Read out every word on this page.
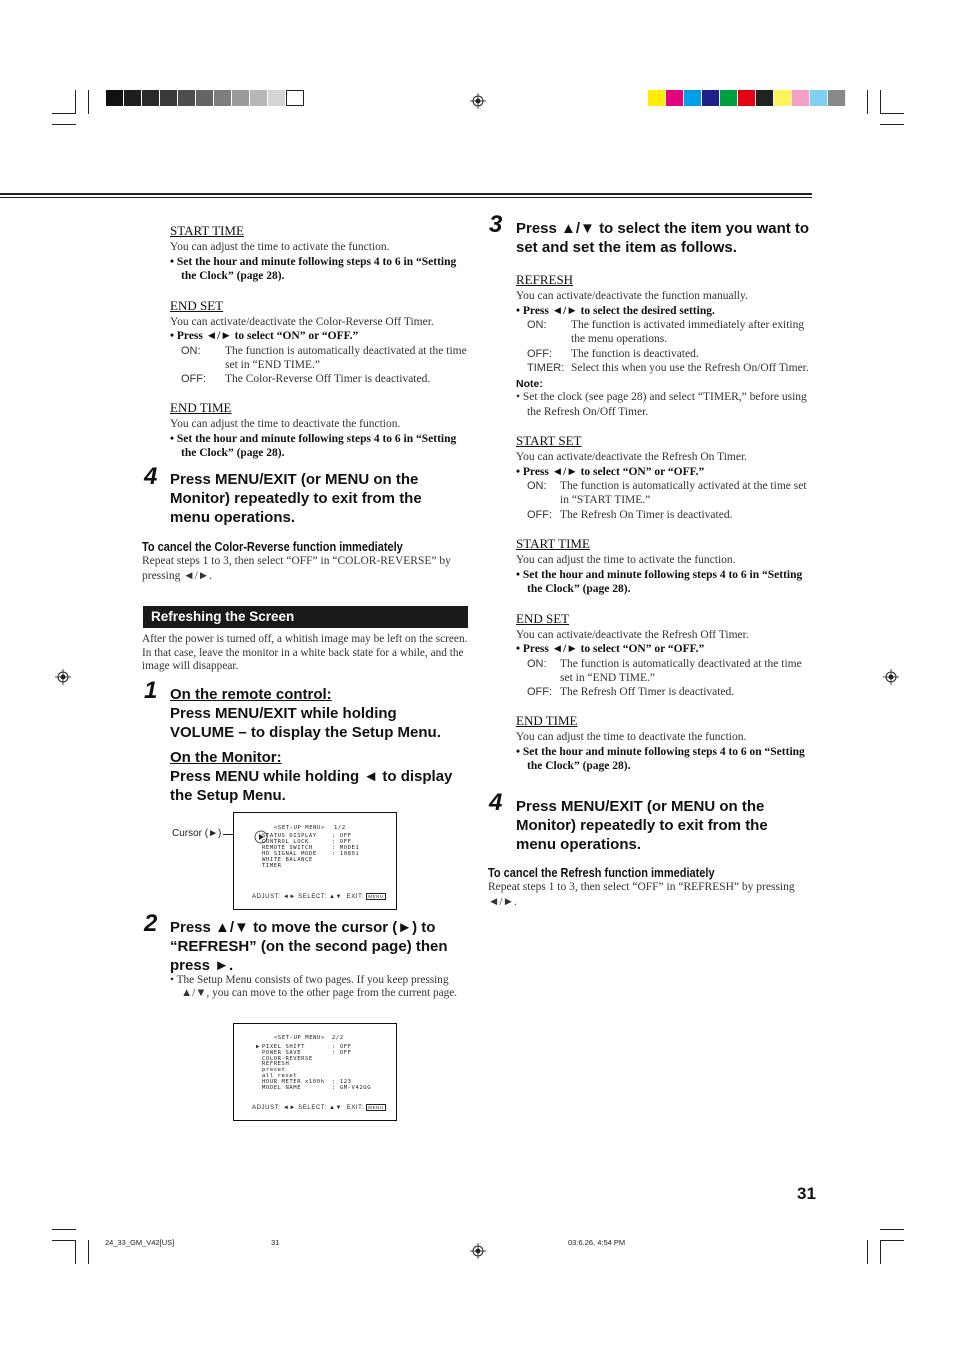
START TIME
You can adjust the time to activate the function.
• Set the hour and minute following steps 4 to 6 in “Setting the Clock” (page 28).
END SET
You can activate/deactivate the Color-Reverse Off Timer.
• Press ◄/► to select “ON” or “OFF.”
ON:	The function is automatically deactivated at the time set in “END TIME.”
OFF:	The Color-Reverse Off Timer is deactivated.
END TIME
You can adjust the time to deactivate the function.
• Set the hour and minute following steps 4 to 6 in “Setting the Clock” (page 28).
4 Press MENU/EXIT (or MENU on the Monitor) repeatedly to exit from the menu operations.
To cancel the Color-Reverse function immediately
Repeat steps 1 to 3, then select “OFF” in “COLOR-REVERSE” by pressing ◄/►.
Refreshing the Screen
After the power is turned off, a whitish image may be left on the screen. In that case, leave the monitor in a white back state for a while, and the image will disappear.
1 On the remote control:
Press MENU/EXIT while holding VOLUME – to display the Setup Menu.
On the Monitor:
Press MENU while holding ◄ to display the Setup Menu.
Cursor (►)	<SET-UP MENU> 1/2
STATUS DISPLAY	: OFF
CONTROL LOCK	: OFF
REMOTE SWITCH	: MODE1
HD SIGNAL MODE	: 1080i
WHITE BALANCE
TIMER
ADJUST: ◄► SELECT: ▲▼  EXIT: MENU
2 Press ▲/▼ to move the cursor (►) to “REFRESH” (on the second page) then press ►.
• The Setup Menu consists of two pages. If you keep pressing ▲/▼, you can move to the other page from the current page.
<SET-UP MENU> 2/2
▶ PIXEL SHIFT	: OFF
POWER SAVE	: OFF
COLOR-REVERSE
REFRESH
preset
all reset
HOUR METER x100h : 123
MODEL NAME	: GM-V42UG
ADJUST: ◄► SELECT: ▲▼  EXIT: MENU
3 Press ▲/▼ to select the item you want to set and set the item as follows.
REFRESH
You can activate/deactivate the function manually.
• Press ◄/► to select the desired setting.
ON:	The function is activated immediately after exiting the menu operations.
OFF:	The function is deactivated.
TIMER: Select this when you use the Refresh On/Off Timer.
Note:
• Set the clock (see page 28) and select “TIMER,” before using the Refresh On/Off Timer.
START SET
You can activate/deactivate the Refresh On Timer.
• Press ◄/► to select “ON” or “OFF.”
ON:	The function is automatically activated at the time set in “START TIME.”
OFF: The Refresh On Timer is deactivated.
START TIME
You can adjust the time to activate the function.
• Set the hour and minute following steps 4 to 6 in “Setting the Clock” (page 28).
END SET
You can activate/deactivate the Refresh Off Timer.
• Press ◄/► to select “ON” or “OFF.”
ON:	The function is automatically deactivated at the time set in “END TIME.”
OFF: The Refresh Off Timer is deactivated.
END TIME
You can adjust the time to deactivate the function.
• Set the hour and minute following steps 4 to 6 on “Setting the Clock” (page 28).
4 Press MENU/EXIT (or MENU on the Monitor) repeatedly to exit from the menu operations.
To cancel the Refresh function immediately
Repeat steps 1 to 3, then select “OFF” in “REFRESH” by pressing ◄/►.
31
24_33_GM_V42[US]	31	03.6.26, 4:54 PM
